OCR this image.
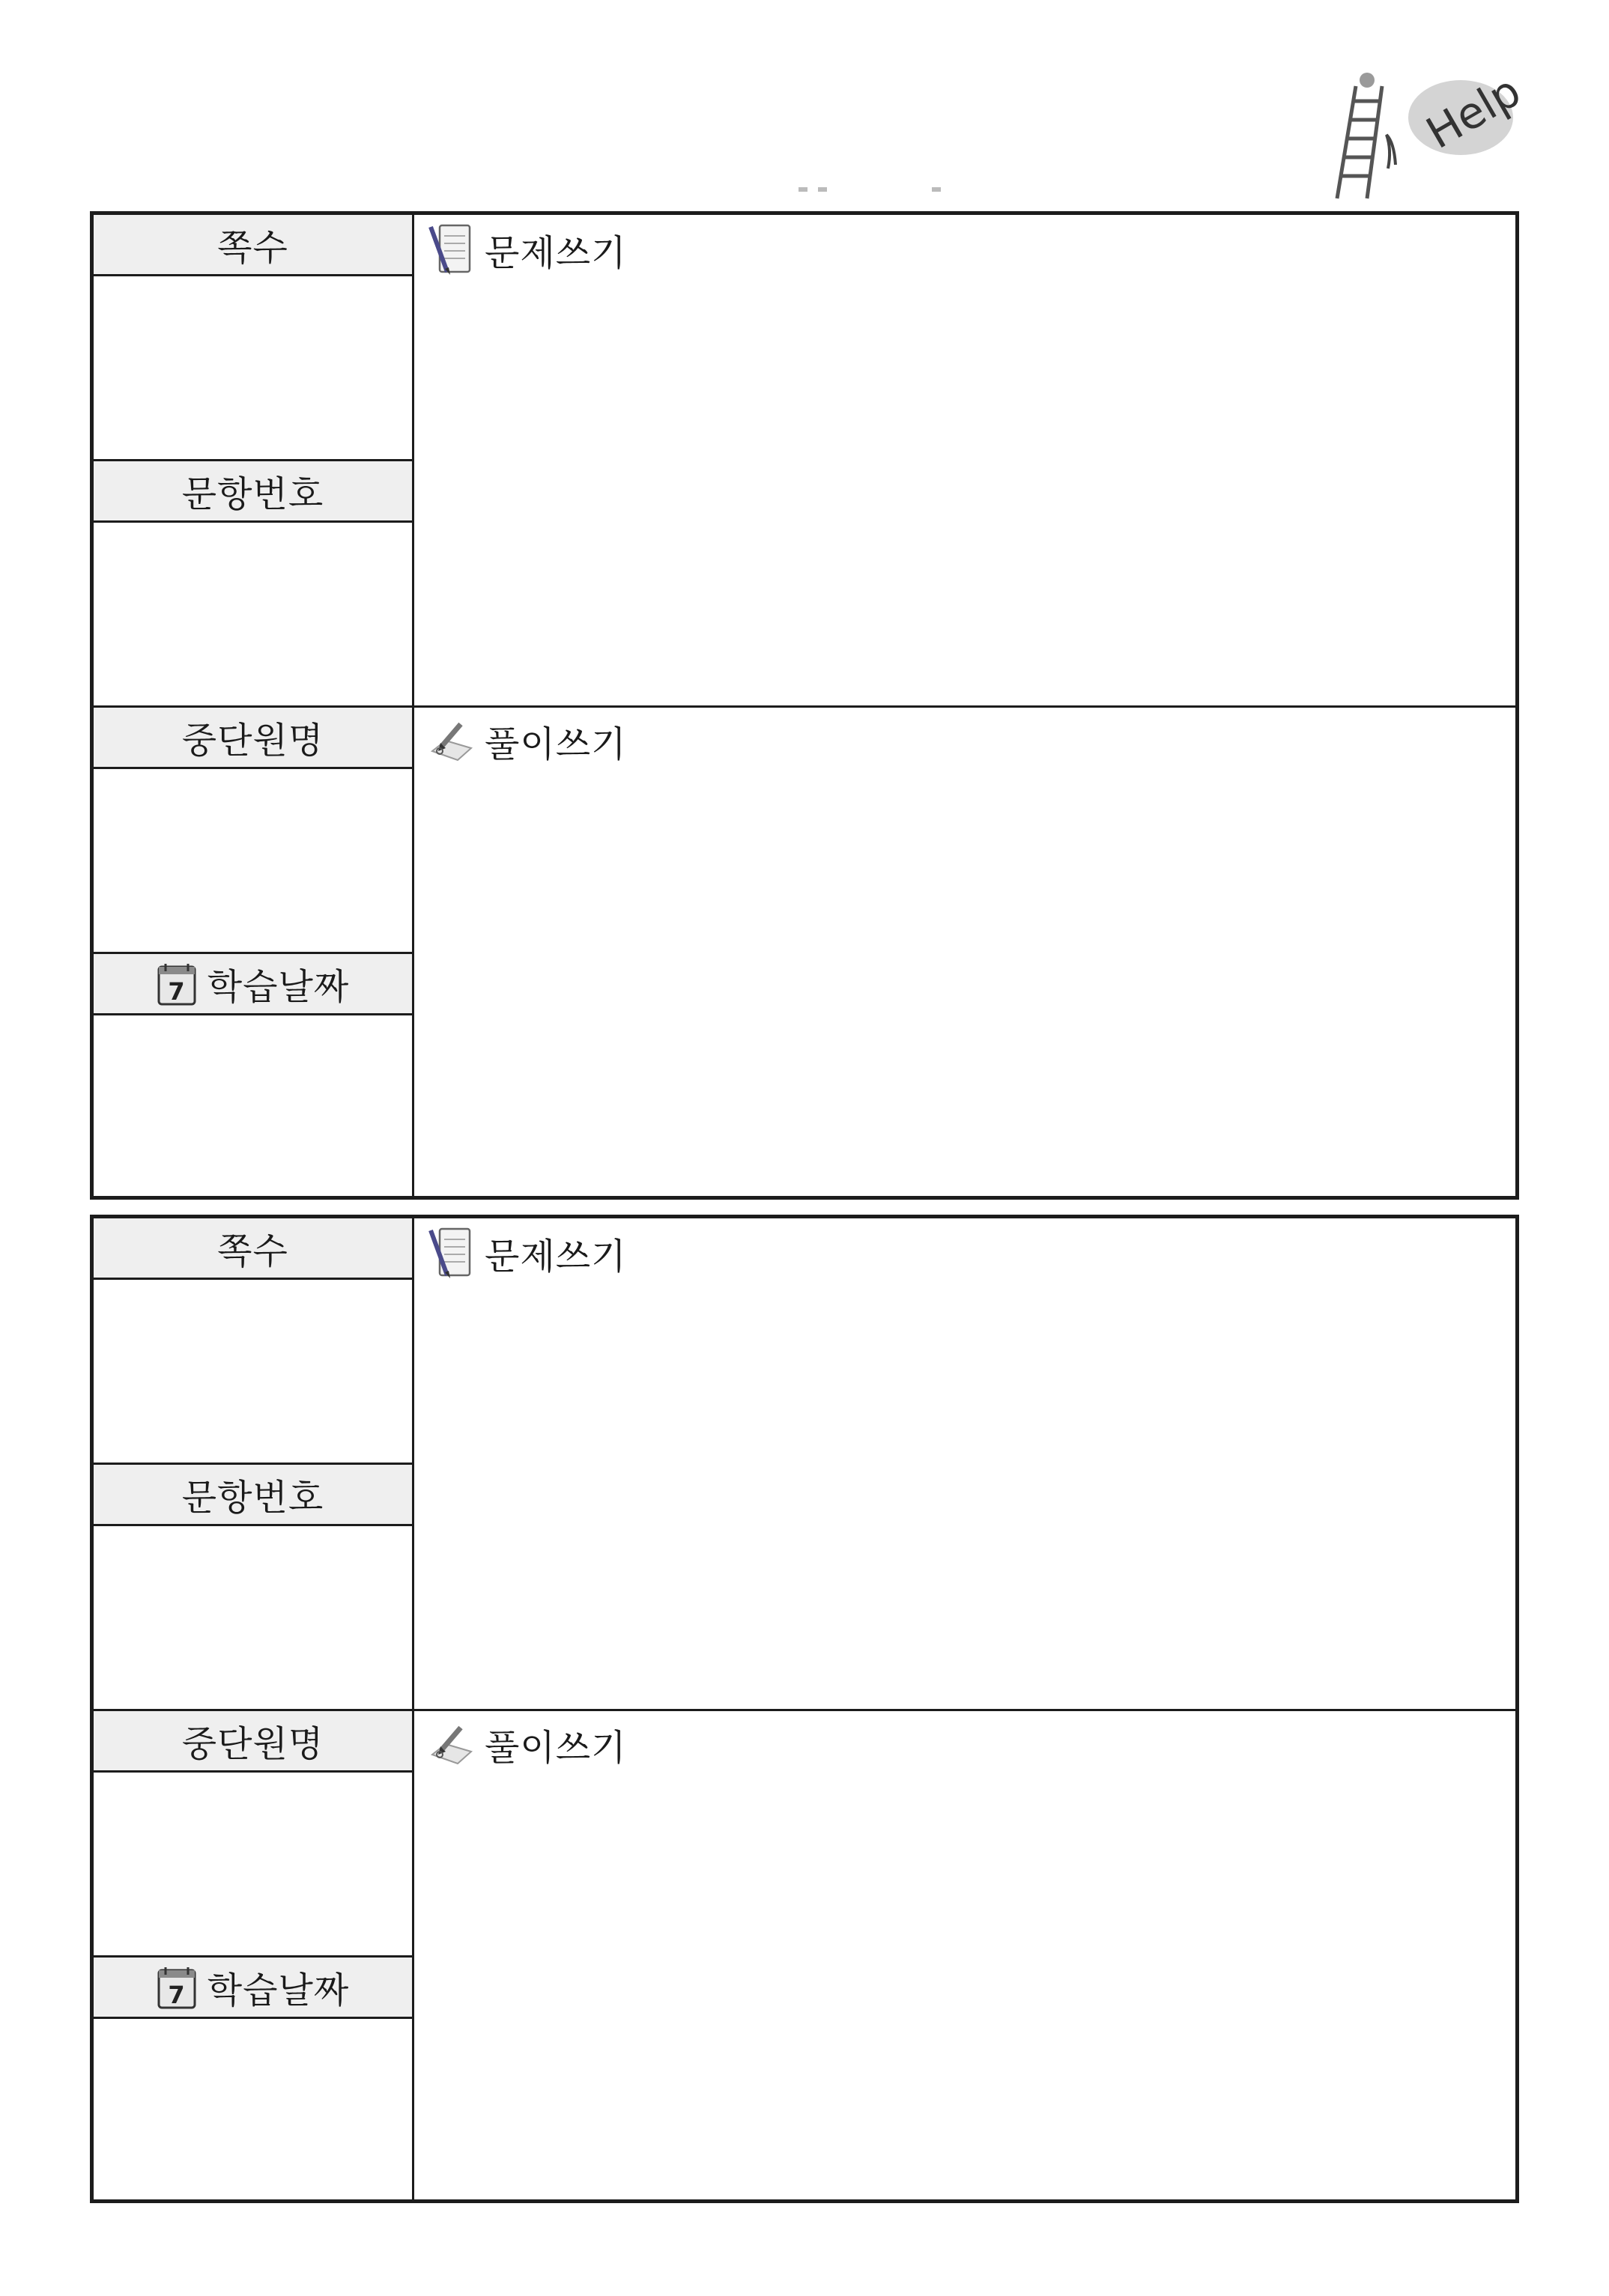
Help
쪽수
문항번호
중단원명
7 학습날짜
문제쓰기
풀이쓰기
쪽수
문항번호
중단원명
7 학습날짜
문제쓰기
풀이쓰기
